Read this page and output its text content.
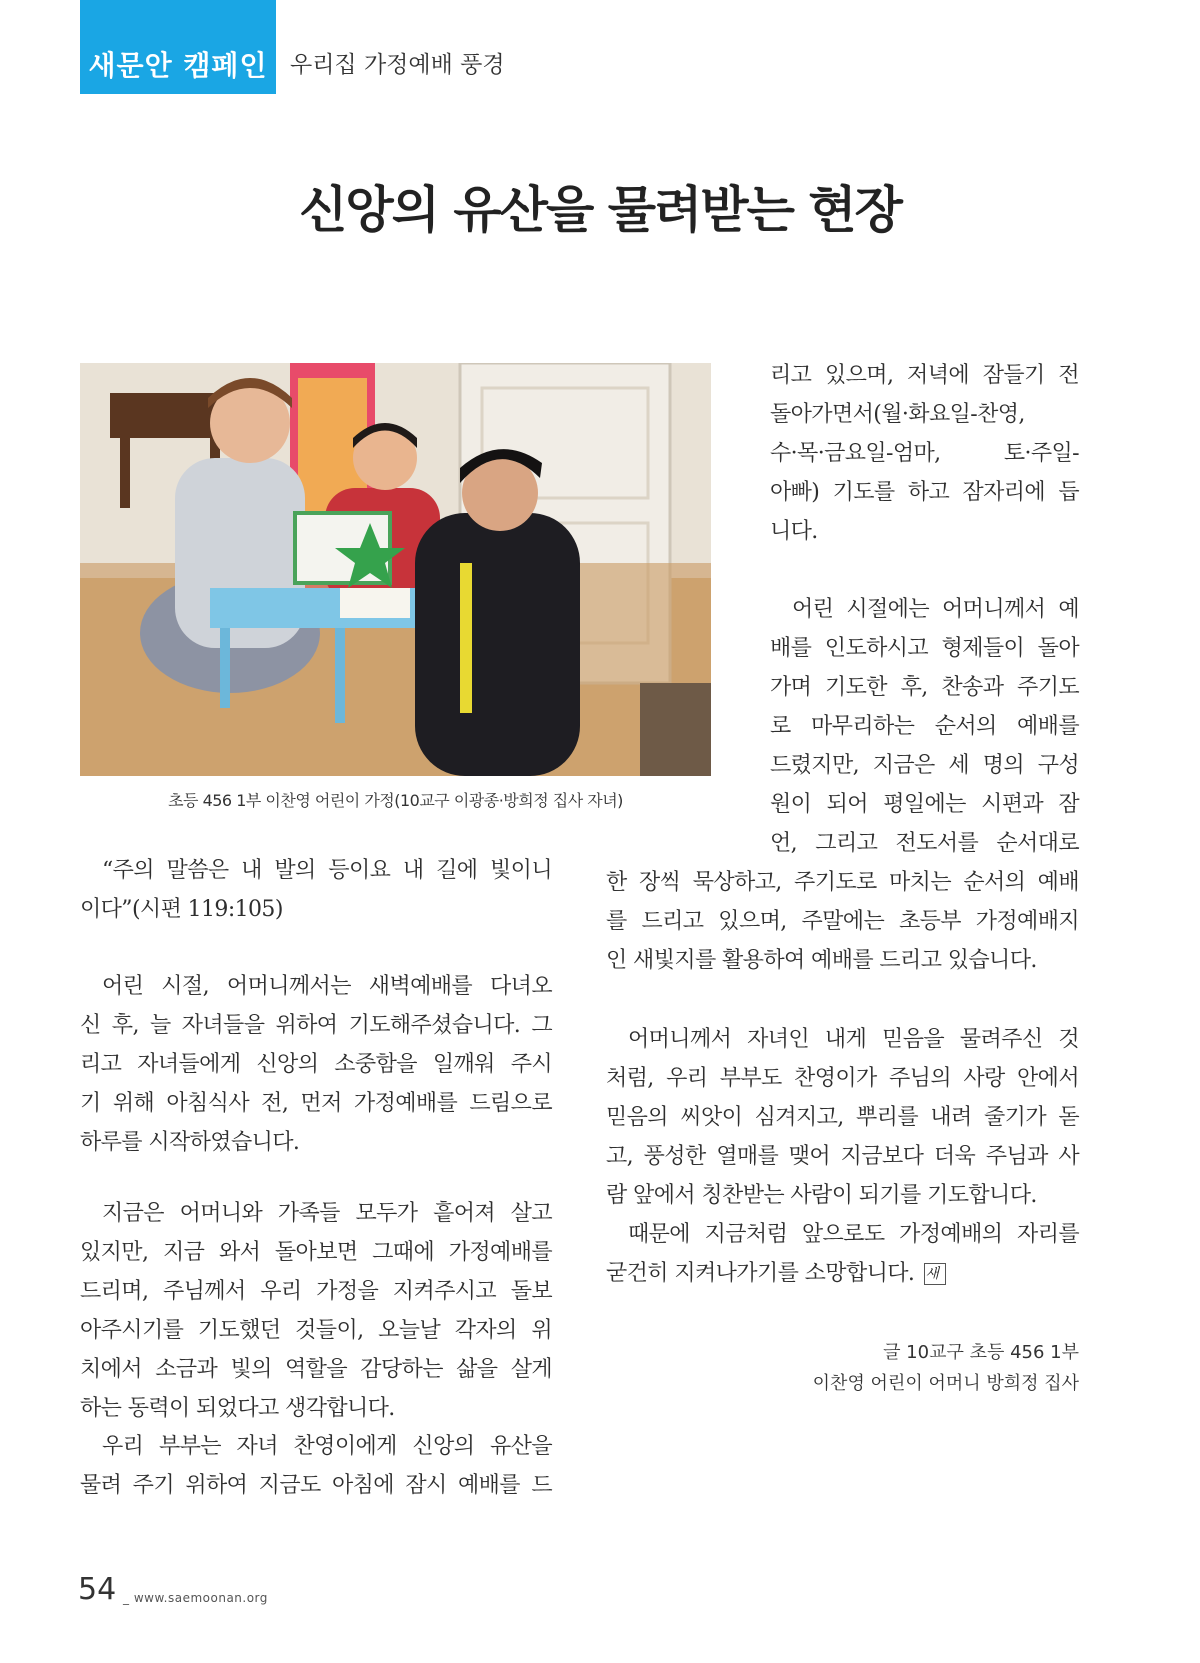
새문안 캠페인 우리집 가정예배 풍경
신앙의 유산을 물려받는 현장
초등 456 1부 이찬영 어린이 가정(10교구 이광종·방희정 집사 자녀)
“주의 말씀은 내 발의 등이요 내 길에 빛이니
이다”(시편 119:105)
어린 시절, 어머니께서는 새벽예배를 다녀오
신 후, 늘 자녀들을 위하여 기도해주셨습니다. 그
리고 자녀들에게 신앙의 소중함을 일깨워 주시
기 위해 아침식사 전, 먼저 가정예배를 드림으로
하루를 시작하였습니다.
지금은 어머니와 가족들 모두가 흩어져 살고
있지만, 지금 와서 돌아보면 그때에 가정예배를
드리며, 주님께서 우리 가정을 지켜주시고 돌보
아주시기를 기도했던 것들이, 오늘날 각자의 위
치에서 소금과 빛의 역할을 감당하는 삶을 살게
하는 동력이 되었다고 생각합니다.
우리 부부는 자녀 찬영이에게 신앙의 유산을
물려 주기 위하여 지금도 아침에 잠시 예배를 드
리고 있으며, 저녁에 잠들기 전
돌아가면서(월·화요일-찬영,
수·목·금요일-엄마, 토·주일-
아빠) 기도를 하고 잠자리에 듭
니다.
어린 시절에는 어머니께서 예
배를 인도하시고 형제들이 돌아
가며 기도한 후, 찬송과 주기도
로 마무리하는 순서의 예배를
드렸지만, 지금은 세 명의 구성
원이 되어 평일에는 시편과 잠
언, 그리고 전도서를 순서대로
한 장씩 묵상하고, 주기도로 마치는 순서의 예배
를 드리고 있으며, 주말에는 초등부 가정예배지
인 새빛지를 활용하여 예배를 드리고 있습니다.
어머니께서 자녀인 내게 믿음을 물려주신 것
처럼, 우리 부부도 찬영이가 주님의 사랑 안에서
믿음의 씨앗이 심겨지고, 뿌리를 내려 줄기가 돋
고, 풍성한 열매를 맺어 지금보다 더욱 주님과 사
람 앞에서 칭찬받는 사람이 되기를 기도합니다.
때문에 지금처럼 앞으로도 가정예배의 자리를
굳건히 지켜나가기를 소망합니다. 새
글 10교구 초등 456 1부
이찬영 어린이 어머니 방희정 집사
54 _ www.saemoonan.org
